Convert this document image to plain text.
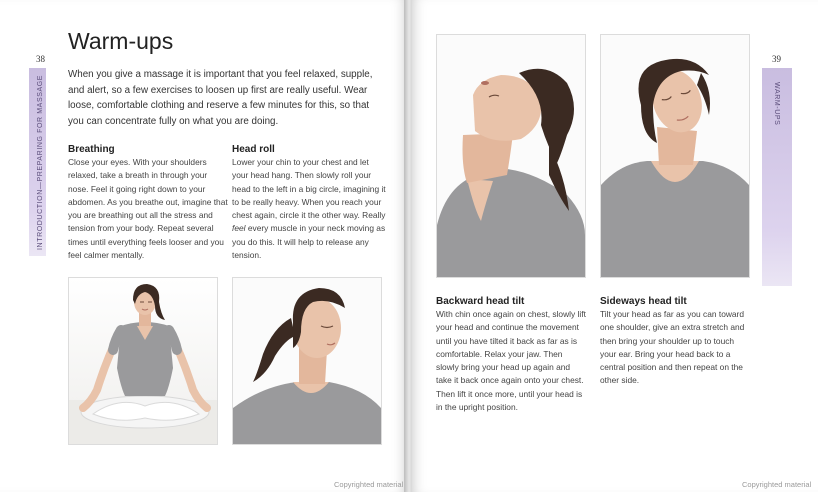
38
INTRODUCTION—PREPARING FOR MASSAGE
Warm-ups

When you give a massage it is important that you feel relaxed, supple, and alert, so a few exercises to loosen up first are really useful. Wear loose, comfortable clothing and reserve a few minutes for this, so that you can concentrate fully on what you are doing.

Breathing

Close your eyes. With your shoulders relaxed, take a breath in through your nose. Feel it going right down to your abdomen. As you breathe out, imagine that you are breathing out all the stress and tension from your body. Repeat several times until everything feels looser and you feel calmer mentally.

Head roll

Lower your chin to your chest and let your head hang. Then slowly roll your head to the left in a big circle, imagining it to be really heavy. When you reach your chest again, circle it the other way. Really feel every muscle in your neck moving as you do this. It will help to release any tension.

Copyrighted material
39
WARM-UPS
Backward head tilt

With chin once again on chest, slowly lift your head and continue the movement until you have tilted it back as far as is comfortable. Relax your jaw. Then slowly bring your head up again and take it back once again onto your chest. Then lift it once more, until your head is in the upright position.

Sideways head tilt

Tilt your head as far as you can toward one shoulder, give an extra stretch and then bring your shoulder up to touch your ear. Bring your head back to a central position and then repeat on the other side.

Copyrighted material
